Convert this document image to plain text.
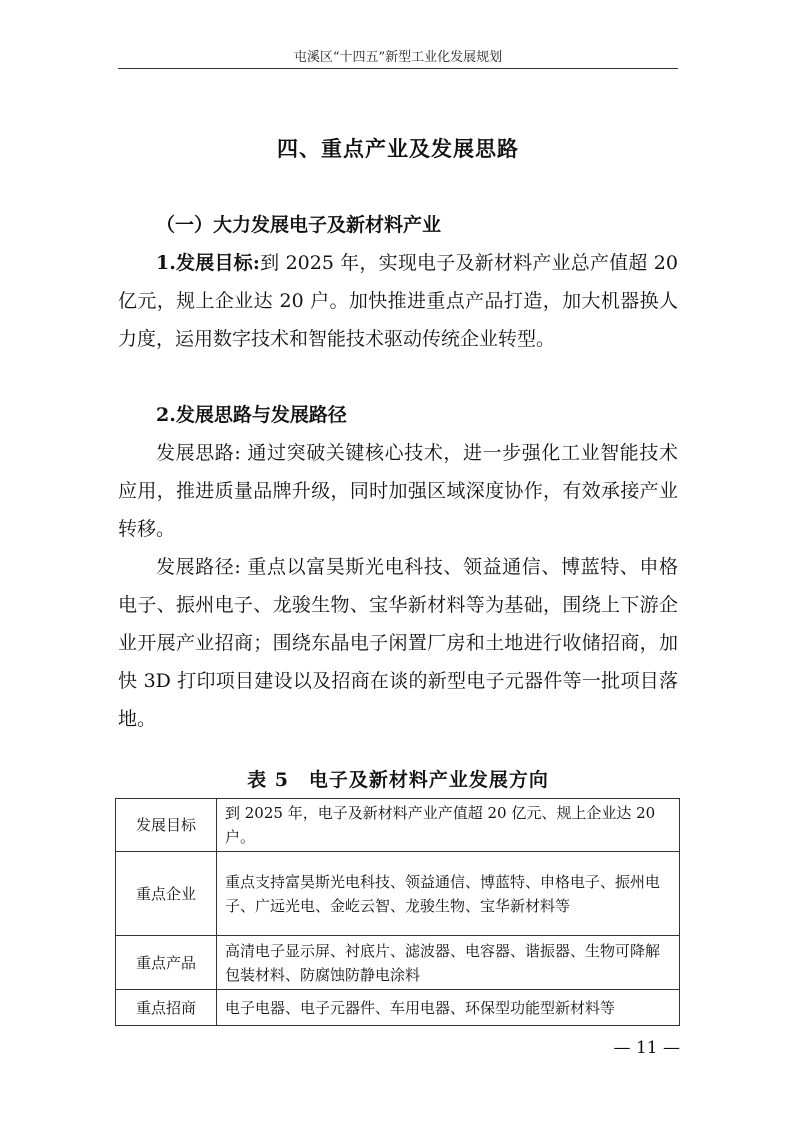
屯溪区“十四五”新型工业化发展规划
四、重点产业及发展思路

（一）大力发展电子及新材料产业

1.发展目标:到 2025 年，实现电子及新材料产业总产值超 20 亿元，规上企业达 20 户。加快推进重点产品打造，加大机器换人力度，运用数字技术和智能技术驱动传统企业转型。

2.发展思路与发展路径

发展思路: 通过突破关键核心技术，进一步强化工业智能技术应用，推进质量品牌升级，同时加强区域深度协作，有效承接产业转移。

发展路径: 重点以富昊斯光电科技、领益通信、博蓝特、申格电子、振州电子、龙骏生物、宝华新材料等为基础，围绕上下游企业开展产业招商；围绕东晶电子闲置厂房和土地进行收储招商，加快 3D 打印项目建设以及招商在谈的新型电子元器件等一批项目落地。

表 5　电子及新材料产业发展方向
发展目标	到 2025 年，电子及新材料产业产值超 20 亿元、规上企业达 20 户。
重点企业	重点支持富昊斯光电科技、领益通信、博蓝特、申格电子、振州电子、广远光电、金屹云智、龙骏生物、宝华新材料等
重点产品	高清电子显示屏、衬底片、滤波器、电容器、谐振器、生物可降解包装材料、防腐蚀防静电涂料
重点招商	电子电器、电子元器件、车用电器、环保型功能型新材料等
— 11 —
